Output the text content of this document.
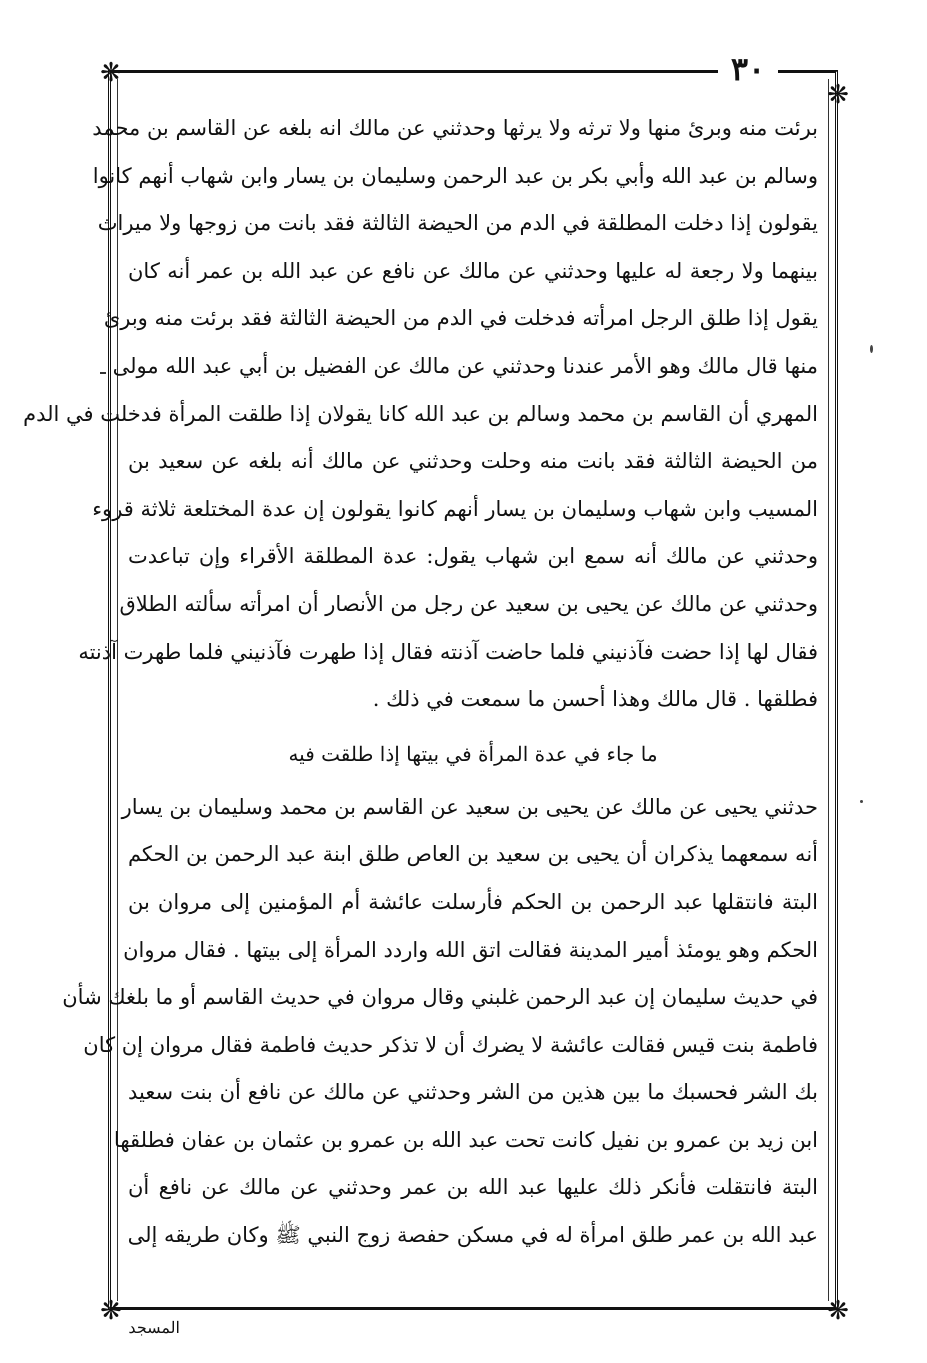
❋
❋
❋	❋
٣٠
برئت منه وبرئ منها ولا ترثه ولا يرثها وحدثني عن مالك انه بلغه عن القاسم بن محمد
وسالم بن عبد الله وأبي بكر بن عبد الرحمن وسليمان بن يسار وابن شهاب أنهم كانوا
يقولون إذا دخلت المطلقة في الدم من الحيضة الثالثة فقد بانت من زوجها ولا ميراث
بينهما ولا رجعة له عليها وحدثني عن مالك عن نافع عن عبد الله بن عمر أنه كان
يقول إذا طلق الرجل امرأته فدخلت في الدم من الحيضة الثالثة فقد برئت منه وبرئ
منها قال مالك وهو الأمر عندنا وحدثني عن مالك عن الفضيل بن أبي عبد الله مولى
المهري أن القاسم بن محمد وسالم بن عبد الله كانا يقولان إذا طلقت المرأة فدخلت في الدم
من الحيضة الثالثة فقد بانت منه وحلت وحدثني عن مالك أنه بلغه عن سعيد بن
المسيب وابن شهاب وسليمان بن يسار أنهم كانوا يقولون إن عدة المختلعة ثلاثة قروء
وحدثني عن مالك أنه سمع ابن شهاب يقول: عدة المطلقة الأقراء وإن تباعدت
وحدثني عن مالك عن يحيى بن سعيد عن رجل من الأنصار أن امرأته سألته الطلاق
فقال لها إذا حضت فآذنيني فلما حاضت آذنته فقال إذا طهرت فآذنيني فلما طهرت آذنته
فطلقها . قال مالك وهذا أحسن ما سمعت في ذلك .
ما جاء في عدة المرأة في بيتها إذا طلقت فيه
حدثني يحيى عن مالك عن يحيى بن سعيد عن القاسم بن محمد وسليمان بن يسار
أنه سمعهما يذكران أن يحيى بن سعيد بن العاص طلق ابنة عبد الرحمن بن الحكم
البتة فانتقلها عبد الرحمن بن الحكم فأرسلت عائشة أم المؤمنين إلى مروان بن
الحكم وهو يومئذ أمير المدينة فقالت اتق الله واردد المرأة إلى بيتها . فقال مروان
في حديث سليمان إن عبد الرحمن غلبني وقال مروان في حديث القاسم أو ما بلغك شأن
فاطمة بنت قيس فقالت عائشة لا يضرك أن لا تذكر حديث فاطمة فقال مروان إن كان
بك الشر فحسبك ما بين هذين من الشر وحدثني عن مالك عن نافع أن بنت سعيد
ابن زيد بن عمرو بن نفيل كانت تحت عبد الله بن عمرو بن عثمان بن عفان فطلقها
البتة فانتقلت فأنكر ذلك عليها عبد الله بن عمر وحدثني عن مالك عن نافع أن
عبد الله بن عمر طلق امرأة له في مسكن حفصة زوج النبي ﷺ وكان طريقه إلى
المسجد
